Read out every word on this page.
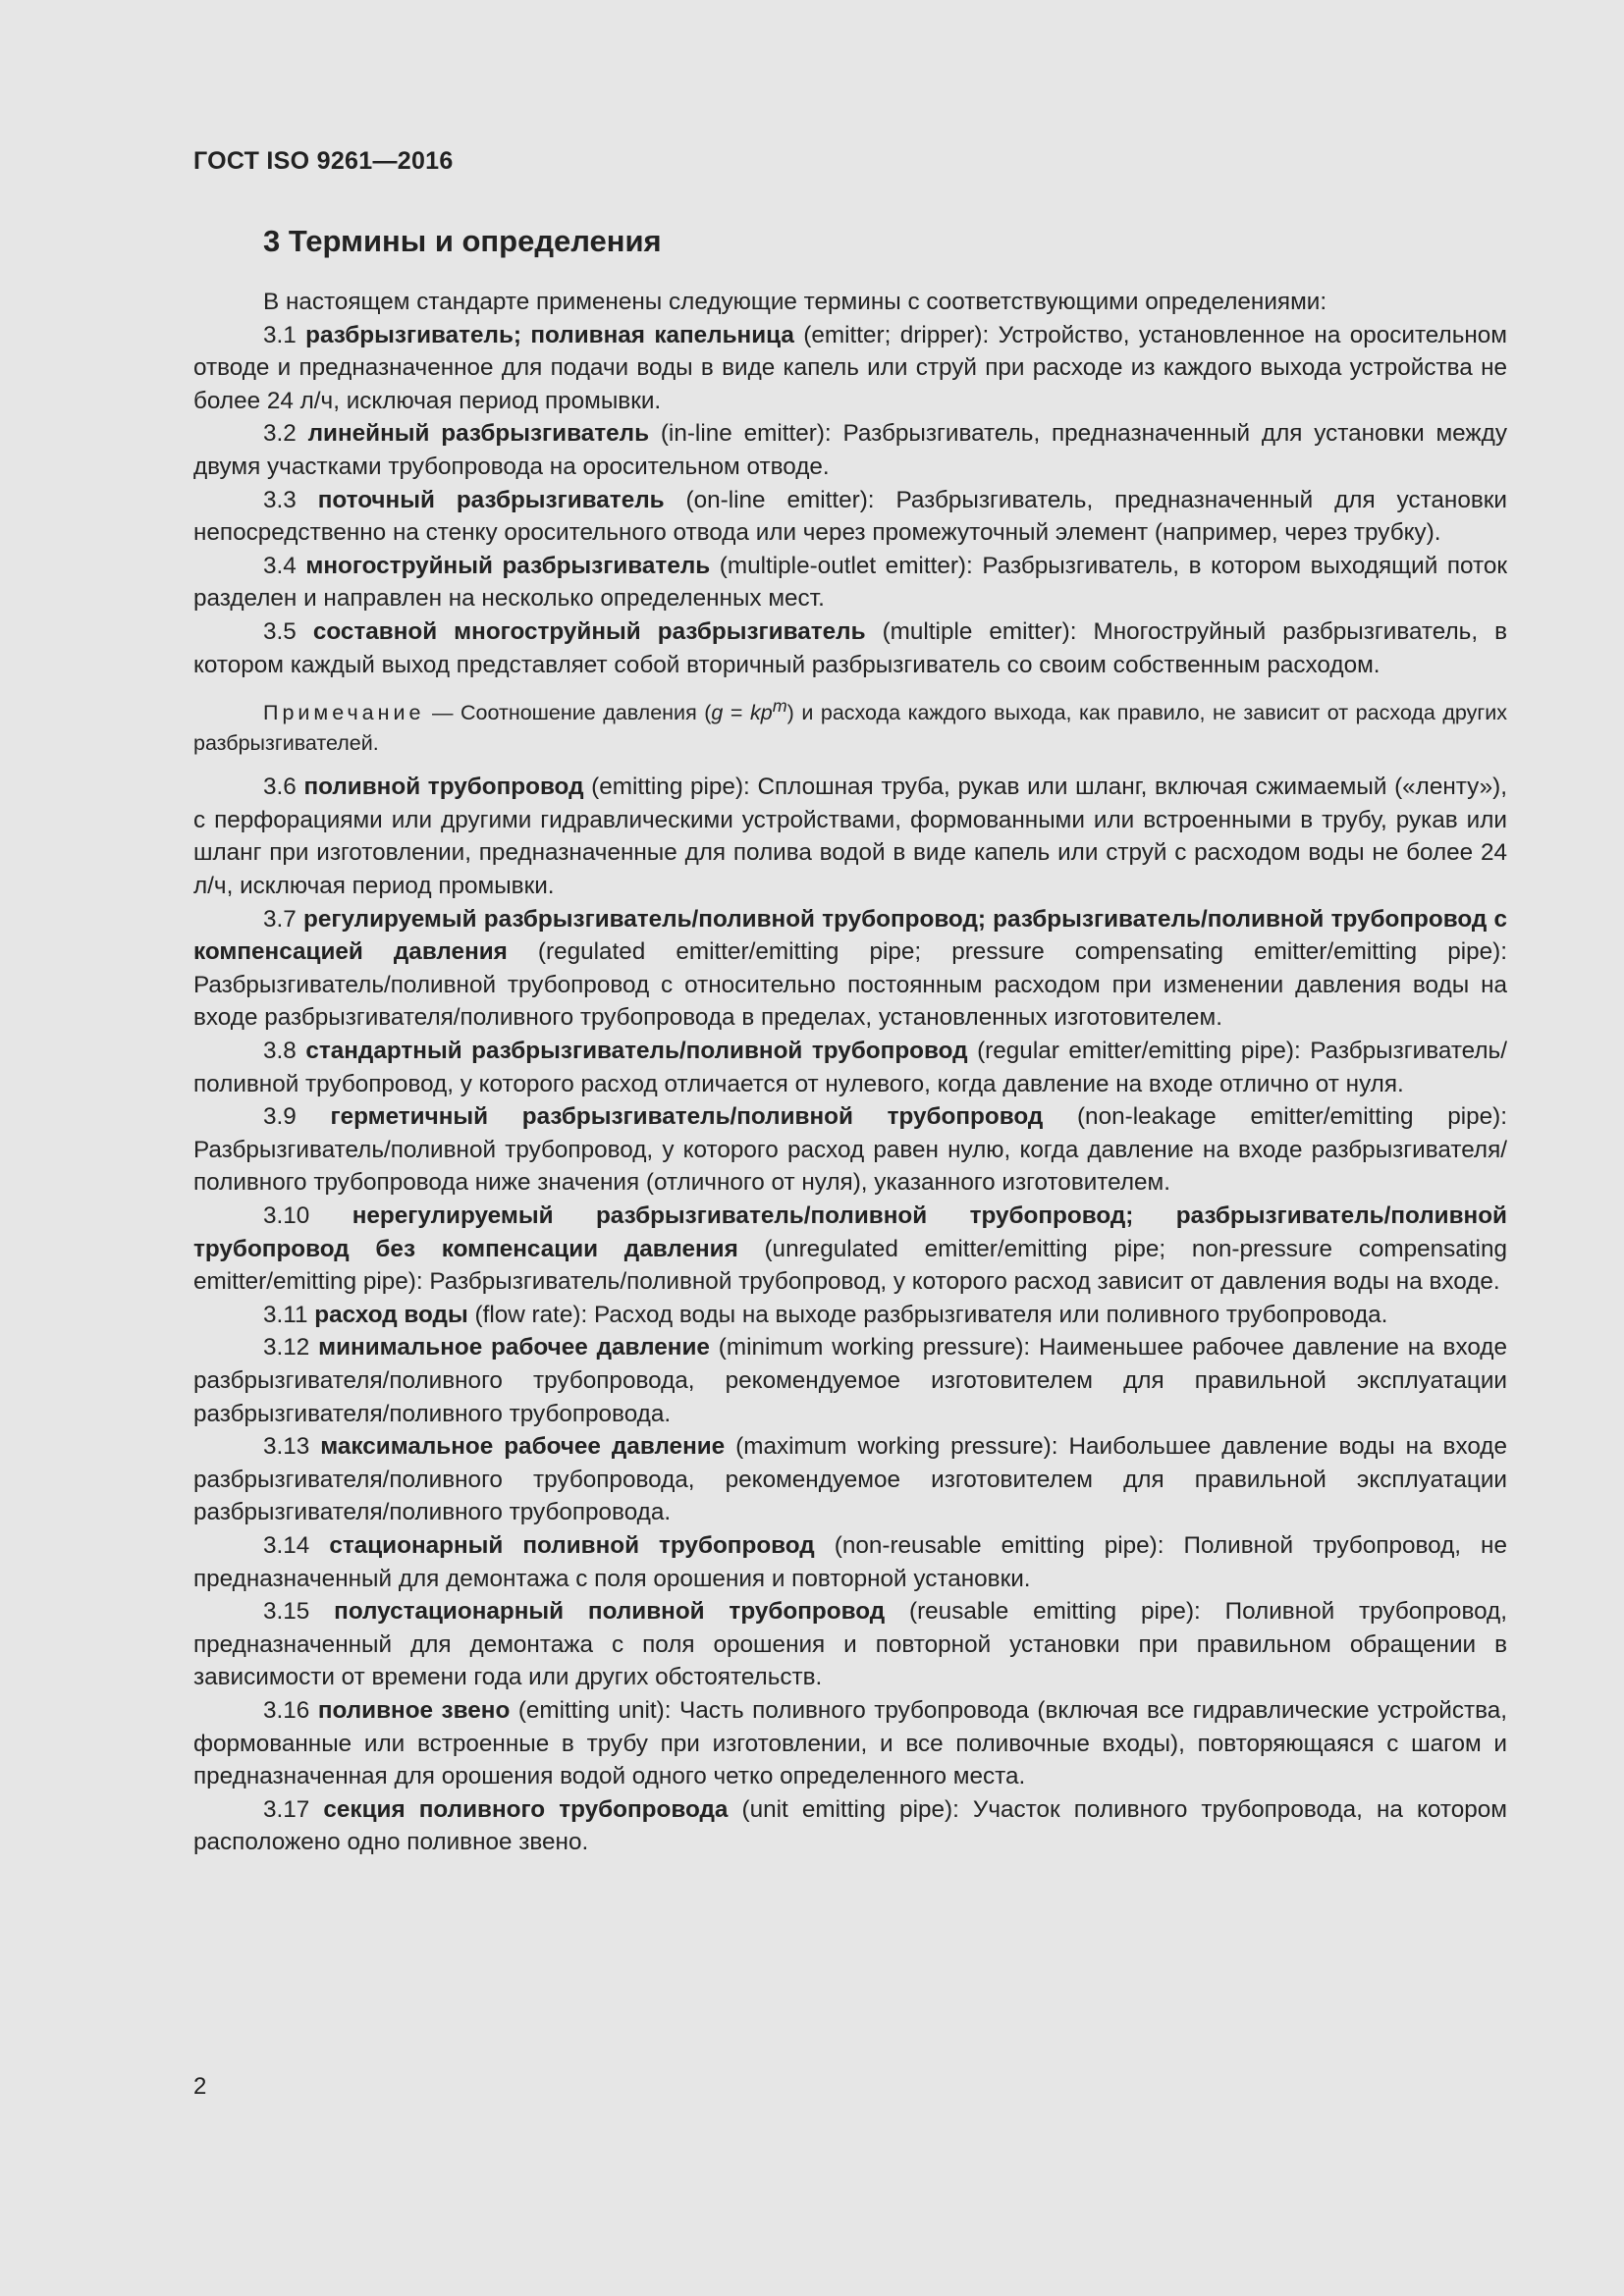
ГОСТ ISO 9261—2016
3 Термины и определения

В настоящем стандарте применены следующие термины с соответствующими определениями:

3.1 разбрызгиватель; поливная капельница (emitter; dripper): Устройство, установленное на оросительном отводе и предназначенное для подачи воды в виде капель или струй при расходе из каждого выхода устройства не более 24 л/ч, исключая период промывки.

3.2 линейный разбрызгиватель (in-line emitter): Разбрызгиватель, предназначенный для установки между двумя участками трубопровода на оросительном отводе.

3.3 поточный разбрызгиватель (on-line emitter): Разбрызгиватель, предназначенный для установки непосредственно на стенку оросительного отвода или через промежуточный элемент (например, через трубку).

3.4 многоструйный разбрызгиватель (multiple-outlet emitter): Разбрызгиватель, в котором выходящий поток разделен и направлен на несколько определенных мест.

3.5 составной многоструйный разбрызгиватель (multiple emitter): Многоструйный разбрызгиватель, в котором каждый выход представляет собой вторичный разбрызгиватель со своим собственным расходом.

Примечание — Соотношение давления $(g = kp^m)$ и расхода каждого выхода, как правило, не зависит от расхода других разбрызгивателей.

3.6 поливной трубопровод (emitting pipe): Сплошная труба, рукав или шланг, включая сжимаемый («ленту»), с перфорациями или другими гидравлическими устройствами, формованными или встроенными в трубу, рукав или шланг при изготовлении, предназначенные для полива водой в виде капель или струй с расходом воды не более 24 л/ч, исключая период промывки.

3.7 регулируемый разбрызгиватель/поливной трубопровод; разбрызгиватель/поливной трубопровод с компенсацией давления (regulated emitter/emitting pipe; pressure compensating emitter/emitting pipe): Разбрызгиватель/поливной трубопровод с относительно постоянным расходом при изменении давления воды на входе разбрызгивателя/поливного трубопровода в пределах, установленных изготовителем.

3.8 стандартный разбрызгиватель/поливной трубопровод (regular emitter/emitting pipe): Разбрызгиватель/поливной трубопровод, у которого расход отличается от нулевого, когда давление на входе отлично от нуля.

3.9 герметичный разбрызгиватель/поливной трубопровод (non-leakage emitter/emitting pipe): Разбрызгиватель/поливной трубопровод, у которого расход равен нулю, когда давление на входе разбрызгивателя/поливного трубопровода ниже значения (отличного от нуля), указанного изготовителем.

3.10 нерегулируемый разбрызгиватель/поливной трубопровод; разбрызгиватель/поливной трубопровод без компенсации давления (unregulated emitter/emitting pipe; non-pressure compensating emitter/emitting pipe): Разбрызгиватель/поливной трубопровод, у которого расход зависит от давления воды на входе.

3.11 расход воды (flow rate): Расход воды на выходе разбрызгивателя или поливного трубопровода.

3.12 минимальное рабочее давление (minimum working pressure): Наименьшее рабочее давление на входе разбрызгивателя/поливного трубопровода, рекомендуемое изготовителем для правильной эксплуатации разбрызгивателя/поливного трубопровода.

3.13 максимальное рабочее давление (maximum working pressure): Наибольшее давление воды на входе разбрызгивателя/поливного трубопровода, рекомендуемое изготовителем для правильной эксплуатации разбрызгивателя/поливного трубопровода.

3.14 стационарный поливной трубопровод (non-reusable emitting pipe): Поливной трубопровод, не предназначенный для демонтажа с поля орошения и повторной установки.

3.15 полустационарный поливной трубопровод (reusable emitting pipe): Поливной трубопровод, предназначенный для демонтажа с поля орошения и повторной установки при правильном обращении в зависимости от времени года или других обстоятельств.

3.16 поливное звено (emitting unit): Часть поливного трубопровода (включая все гидравлические устройства, формованные или встроенные в трубу при изготовлении, и все поливочные входы), повторяющаяся с шагом и предназначенная для орошения водой одного четко определенного места.

3.17 секция поливного трубопровода (unit emitting pipe): Участок поливного трубопровода, на котором расположено одно поливное звено.

2
